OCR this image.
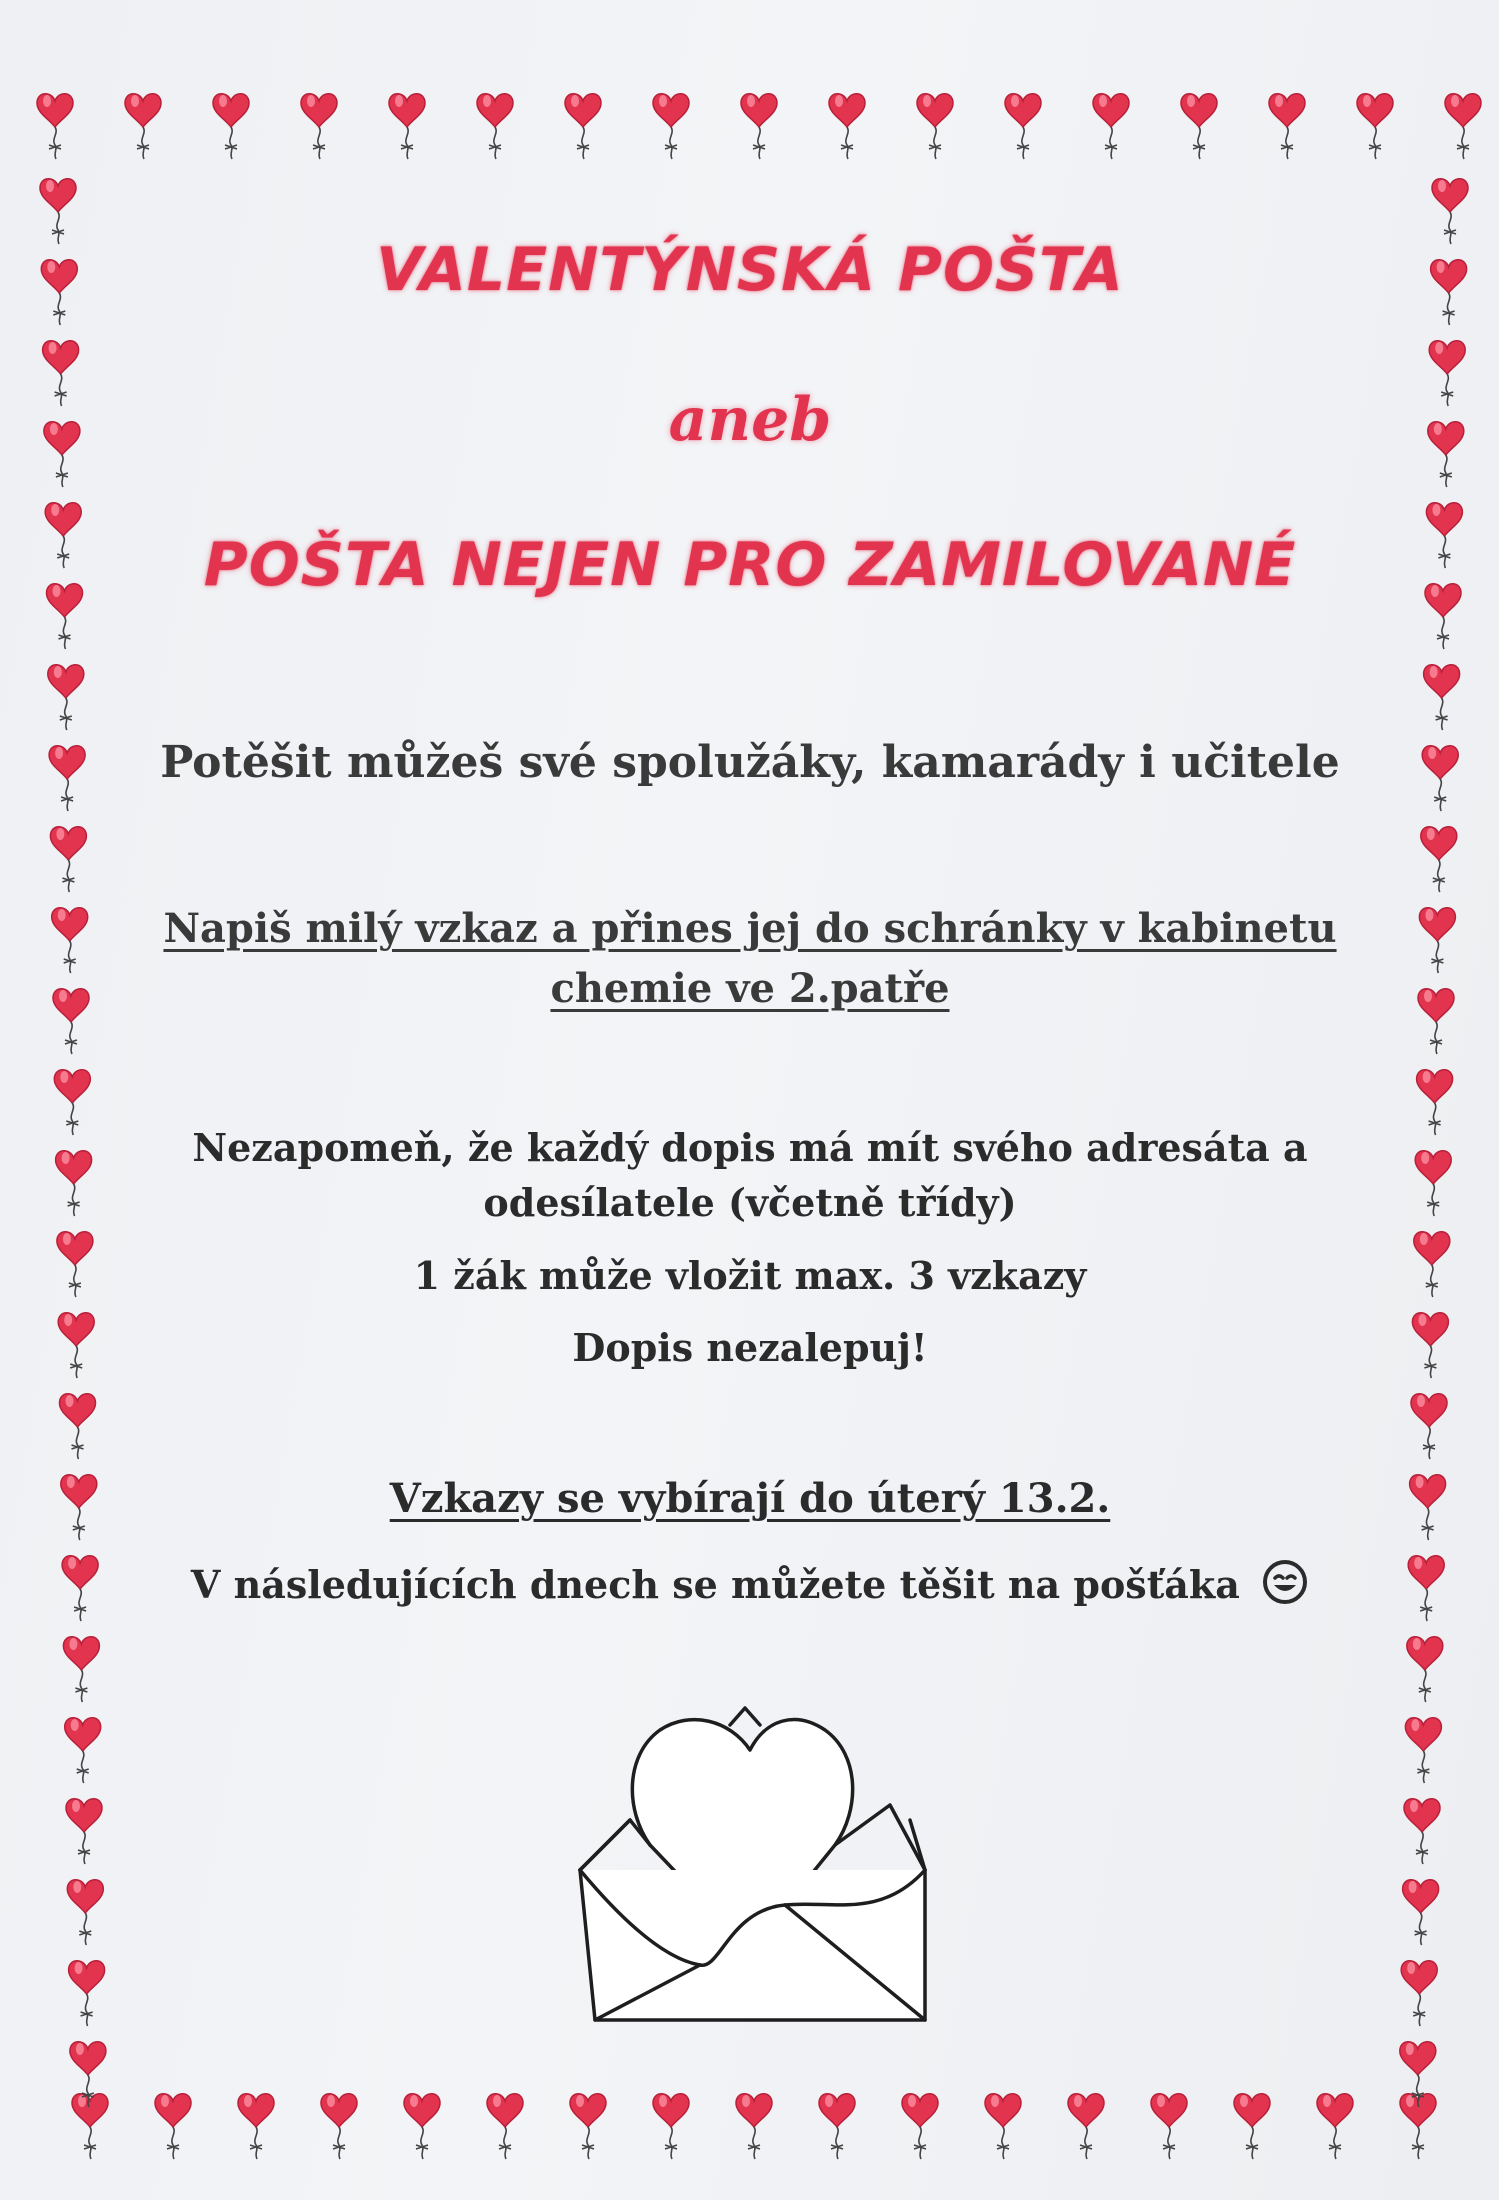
VALENTÝNSKÁ POŠTA
aneb
POŠTA NEJEN PRO ZAMILOVANÉ
Potěšit můžeš své spolužáky, kamarády i učitele
Napiš milý vzkaz a přines jej do schránky v kabinetu
chemie ve 2.patře
Nezapomeň, že každý dopis má mít svého adresáta a
odesílatele (včetně třídy)
1 žák může vložit max. 3 vzkazy
Dopis nezalepuj!
Vzkazy se vybírají do úterý 13.2.
V následujících dnech se můžete těšit na pošťáka
